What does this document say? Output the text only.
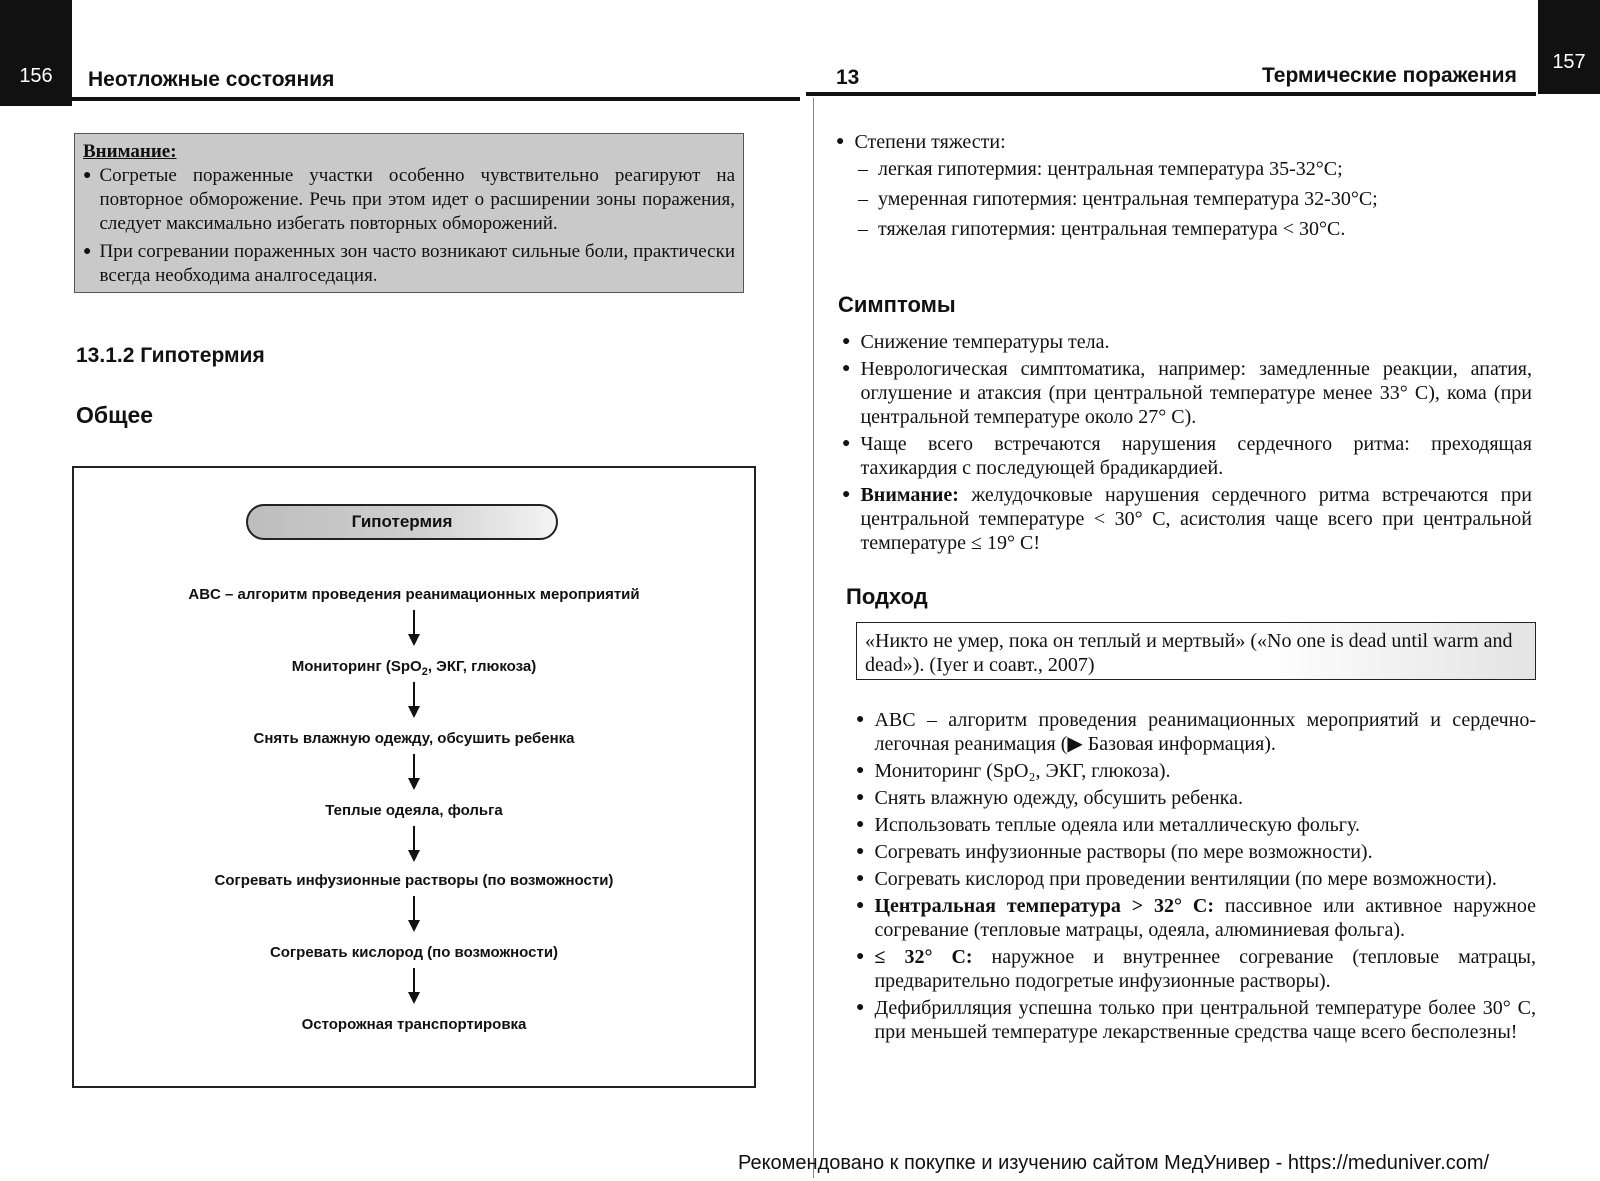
156 Неотложные состояния	13	Термические поражения
157
Внимание:
● Согретые пораженные участки особенно чувствительно реагируют на повторное обморожение. Речь при этом идет о расширении зоны поражения, следует максимально избегать повторных обморожений.
● При согревании пораженных зон часто возникают сильные боли, практически всегда необходима аналгоседация.
13.1.2 Гипотермия
Общее
Гипотермия
ABC – алгоритм проведения реанимационных мероприятий
Мониторинг (SpO$_2$, ЭКГ, глюкоза)
Снять влажную одежду, обсушить ребенка
Теплые одеяла, фольга
Согревать инфузионные растворы (по возможности)
Согревать кислород (по возможности)
Осторожная транспортировка
● Степени тяжести:
– легкая гипотермия: центральная температура 35-32°C;
– умеренная гипотермия: центральная температура 32-30°C;
– тяжелая гипотермия: центральная температура < 30°C.
Симптомы
● Снижение температуры тела.
● Неврологическая симптоматика, например: замедленные реакции, апатия, оглушение и атаксия (при центральной температуре менее 33° С), кома (при центральной температуре около 27° С).
● Чаще всего встречаются нарушения сердечного ритма: преходящая тахикардия с последующей брадикардией.
● Внимание: желудочковые нарушения сердечного ритма встречаются при центральной температуре < 30° С, асистолия чаще всего при центральной температуре ≤ 19° С!
Подход
«Никто не умер, пока он теплый и мертвый» («No one is dead until warm and dead»). (Iyer и соавт., 2007)
● ABC – алгоритм проведения реанимационных мероприятий и сердечно-легочная реанимация (▶ Базовая информация).
● Мониторинг (SpO₂, ЭКГ, глюкоза).
● Снять влажную одежду, обсушить ребенка.
● Использовать теплые одеяла или металлическую фольгу.
● Согревать инфузионные растворы (по мере возможности).
● Согревать кислород при проведении вентиляции (по мере возможности).
● Центральная температура > 32° С: пассивное или активное наружное согревание (тепловые матрацы, одеяла, алюминиевая фольга).
● ≤ 32° С: наружное и внутреннее согревание (тепловые матрацы, предварительно подогретые инфузионные растворы).
● Дефибрилляция успешна только при центральной температуре более 30° С, при меньшей температуре лекарственные средства чаще всего бесполезны!
Рекомендовано к покупке и изучению сайтом МедУнивер - https://meduniver.com/
